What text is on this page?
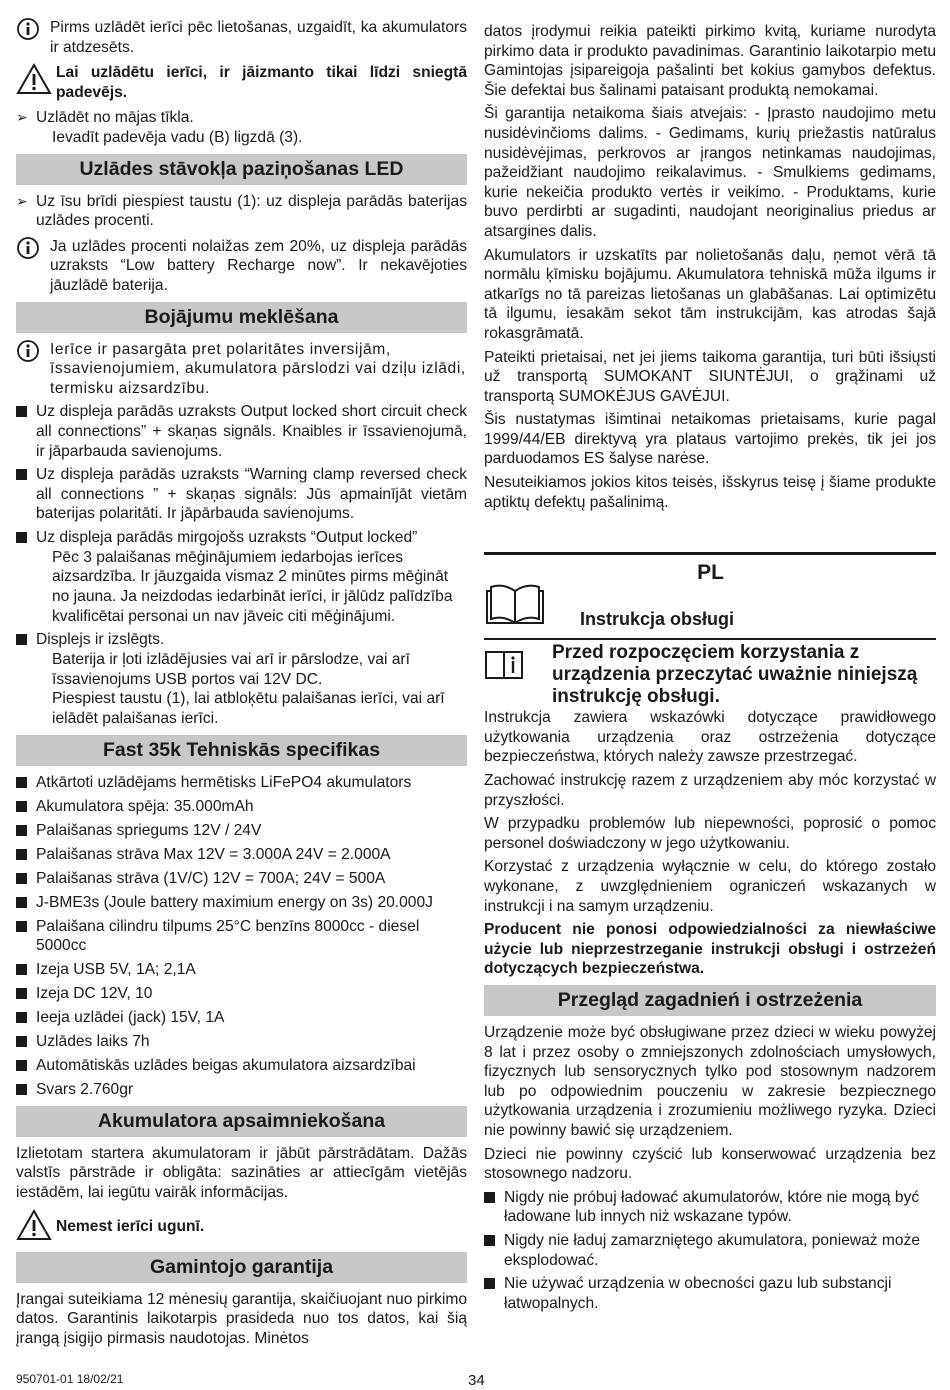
Pirms uzlādēt ierīci pēc lietošanas, uzgaidīt, ka akumulators ir atdzesēts.

Lai uzlādētu ierīci, ir jāizmanto tikai līdzi sniegtā padevējs.

➢ Uzlādēt no mājas tīkla.

Ievadīt padevēja vadu (B) ligzdā (3).

Uzlādes stāvokļa paziņošanas LED
➢ Uz īsu brīdi piespiest taustu (1): uz displeja parādās baterijas uzlādes procenti.

Ja uzlādes procenti nolaižas zem 20%, uz displeja parādās uzraksts “Low battery Recharge now”. Ir nekavējoties jāuzlādē baterija.

Bojājumu meklēšana

Ierīce ir pasargāta pret polaritātes inversijām, īssavienojumiem, akumulatora pārslodzi vai dziļu izlādi, termisku aizsardzību.

Uz displeja parādās uzraksts Output locked short circuit check all connections” + skaņas signāls. Knaibles ir īssavienojumā, ir jāparbauda savienojums.

Uz displeja parādās uzraksts “Warning clamp reversed check all connections ” + skaņas signāls: Jūs apmainījāt vietām baterijas polaritāti. Ir jāpārbauda savienojums.

Uz displeja parādās mirgojošs uzraksts “Output locked”

Pēc 3 palaišanas mēģinājumiem iedarbojas ierīces aizsardzība. Ir jāuzgaida vismaz 2 minūtes pirms mēģināt no jauna. Ja neizdodas iedarbināt ierīci, ir jālūdz palīdzība kvalificētai personai un nav jāveic citi mēģinājumi.

Displejs ir izslēgts.

Baterija ir ļoti izlādējusies vai arī ir pārslodze, vai arī īssavienojums USB portos vai 12V DC.

Piespiest taustu (1), lai atbloķētu palaišanas ierīci, vai arī ielādēt palaišanas ierīci.

Fast 35k Tehniskās specifikas

Atkārtoti uzlādējams hermētisks LiFePO4 akumulators

Akumulatora spēja: 35.000mAh

Palaišanas spriegums 12V / 24V

Palaišanas strāva Max 12V = 3.000A 24V = 2.000A

Palaišanas strāva (1V/C) 12V = 700A; 24V = 500A

J-BME3s (Joule battery maximium energy on 3s) 20.000J

Palaišana cilindru tilpums 25°C benzīns 8000cc - diesel 5000cc

Izeja USB 5V, 1A; 2,1A

Izeja DC 12V, 10

Ieeja uzlādei (jack) 15V, 1A

Uzlādes laiks 7h

Automātiskās uzlādes beigas akumulatora aizsardzībai

Svars 2.760gr

Akumulatora apsaimniekošana

Izlietotam startera akumulatoram ir jābūt pārstrādātam. Dažās valstīs pārstrāde ir obligāta: sazināties ar attiecīgām vietējās iestādēm, lai iegūtu vairāk informācijas.

Nemest ierīci ugunī.

Gamintojo garantija

Įrangai suteikiama 12 mėnesių garantija, skaičiuojant nuo pirkimo datos. Garantinis laikotarpis prasideda nuo tos datos, kai šią įrangą įsigijo pirmasis naudotojas. Minėtos

datos įrodymui reikia pateikti pirkimo kvitą, kuriame nurodyta pirkimo data ir produkto pavadinimas. Garantinio laikotarpio metu Gamintojas įsipareigoja pašalinti bet kokius gamybos defektus. Šie defektai bus šalinami pataisant produktą nemokamai.

Ši garantija netaikoma šiais atvejais: - Įprasto naudojimo metu nusidėvinčioms dalims. - Gedimams, kurių priežastis natūralus nusidėvėjimas, perkrovos ar įrangos netinkamas naudojimas, pažeidžiant naudojimo reikalavimus. - Smulkiems gedimams, kurie nekeičia produkto vertės ir veikimo. - Produktams, kurie buvo perdirbti ar sugadinti, naudojant neoriginalius priedus ar atsargines dalis.

Akumulators ir uzskatīts par nolietošanās daļu, ņemot vērā tā normālu ķīmisku bojājumu. Akumulatora tehniskā mūža ilgums ir atkarīgs no tā pareizas lietošanas un glabāšanas. Lai optimizētu tā ilgumu, iesakām sekot tām instrukcijām, kas atrodas šajā rokasgrāmatā.

Pateikti prietaisai, net jei jiems taikoma garantija, turi būti išsiųsti už transportą SUMOKANT SIUNTĖJUI, o grąžinami už transportą SUMOKĖJUS GAVĖJUI.

Šis nustatymas išimtinai netaikomas prietaisams, kurie pagal 1999/44/EB direktyvą yra plataus vartojimo prekės, tik jei jos parduodamos ES šalyse narėse.

Nesuteikiamos jokios kitos teisės, išskyrus teisę į šiame produkte aptiktų defektų pašalinimą.

PL

Instrukcja obsługi

Przed rozpoczęciem korzystania z urządzenia przeczytać uważnie niniejszą instrukcję obsługi.

Instrukcja zawiera wskazówki dotyczące prawidłowego użytkowania urządzenia oraz ostrzeżenia dotyczące bezpieczeństwa, których należy zawsze przestrzegać.

Zachować instrukcję razem z urządzeniem aby móc korzystać w przyszłości.

W przypadku problemów lub niepewności, poprosić o pomoc personel doświadczony w jego użytkowaniu.

Korzystać z urządzenia wyłącznie w celu, do którego zostało wykonane, z uwzględnieniem ograniczeń wskazanych w instrukcji i na samym urządzeniu.

Producent nie ponosi odpowiedzialności za niewłaściwe użycie lub nieprzestrzeganie instrukcji obsługi i ostrzeżeń dotyczących bezpieczeństwa.

Przegląd zagadnień i ostrzeżenia

Urządzenie może być obsługiwane przez dzieci w wieku powyżej 8 lat i przez osoby o zmniejszonych zdolnościach umysłowych, fizycznych lub sensorycznych tylko pod stosownym nadzorem lub po odpowiednim pouczeniu w zakresie bezpiecznego użytkowania urządzenia i zrozumieniu możliwego ryzyka. Dzieci nie powinny bawić się urządzeniem.

Dzieci nie powinny czyścić lub konserwować urządzenia bez stosownego nadzoru.

Nigdy nie próbuj ładować akumulatorów, które nie mogą być ładowane lub innych niż wskazane typów.

Nigdy nie ładuj zamarzniętego akumulatora, ponieważ może eksplodować.

Nie używać urządzenia w obecności gazu lub substancji łatwopalnych.

950701-01 18/02/21	34
